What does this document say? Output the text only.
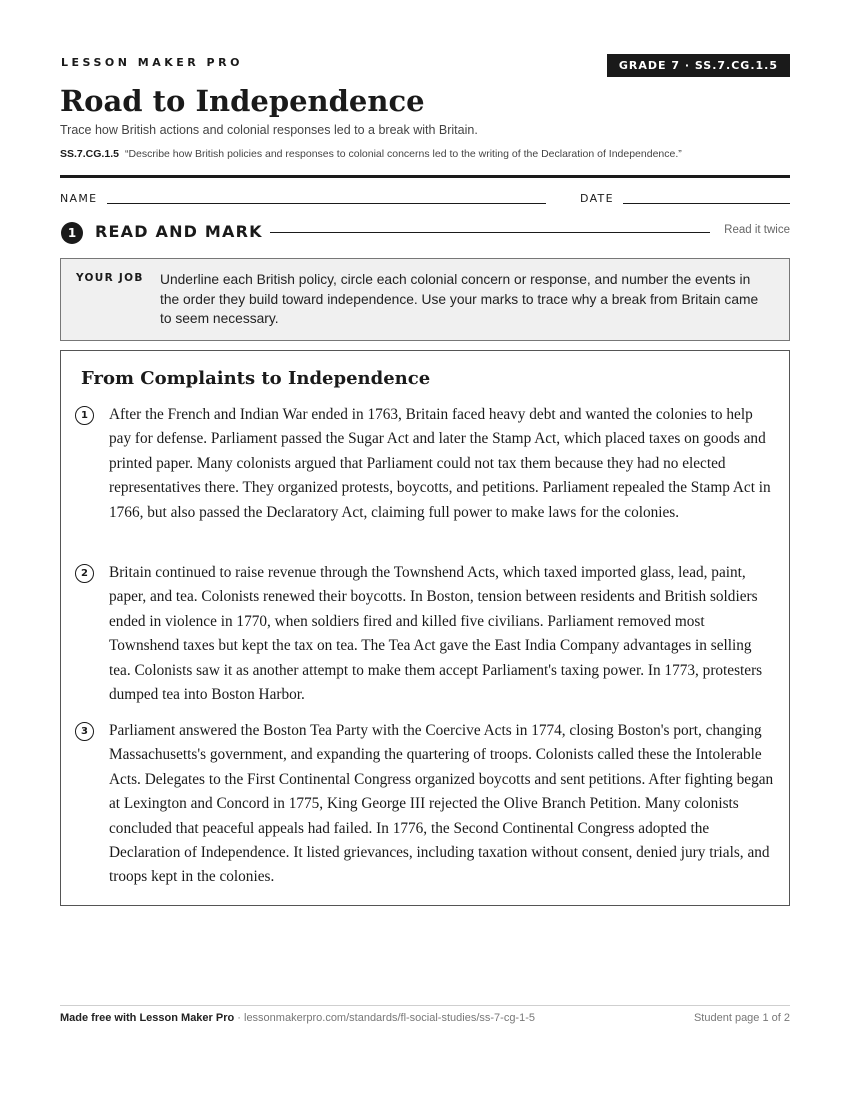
LESSON MAKER PRO	GRADE 7 · SS.7.CG.1.5
Road to Independence
Trace how British actions and colonial responses led to a break with Britain.
SS.7.CG.1.5 “Describe how British policies and responses to colonial concerns led to the writing of the Declaration of Independence.”
NAME	DATE
1	READ AND MARK	Read it twice
YOUR JOB Underline each British policy, circle each colonial concern or response, and number the events in the order they build toward independence. Use your marks to trace why a break from Britain came to seem necessary.
From Complaints to Independence
1	After the French and Indian War ended in 1763, Britain faced heavy debt and wanted the colonies to help pay for defense. Parliament passed the Sugar Act and later the Stamp Act, which placed taxes on goods and printed paper. Many colonists argued that Parliament could not tax them because they had no elected representatives there. They organized protests, boycotts, and petitions. Parliament repealed the Stamp Act in 1766, but also passed the Declaratory Act, claiming full power to make laws for the colonies.

2	Britain continued to raise revenue through the Townshend Acts, which taxed imported glass, lead, paint, paper, and tea. Colonists renewed their boycotts. In Boston, tension between residents and British soldiers ended in violence in 1770, when soldiers fired and killed five civilians. Parliament removed most Townshend taxes but kept the tax on tea. The Tea Act gave the East India Company advantages in selling tea. Colonists saw it as another attempt to make them accept Parliament's taxing power. In 1773, protesters dumped tea into Boston Harbor.

3	Parliament answered the Boston Tea Party with the Coercive Acts in 1774, closing Boston's port, changing Massachusetts's government, and expanding the quartering of troops. Colonists called these the Intolerable Acts. Delegates to the First Continental Congress organized boycotts and sent petitions. After fighting began at Lexington and Concord in 1775, King George III rejected the Olive Branch Petition. Many colonists concluded that peaceful appeals had failed. In 1776, the Second Continental Congress adopted the Declaration of Independence. It listed grievances, including taxation without consent, denied jury trials, and troops kept in the colonies.

Made free with Lesson Maker Pro · lessonmakerpro.com/standards/fl-social-studies/ss-7-cg-1-5	Student page 1 of 2
